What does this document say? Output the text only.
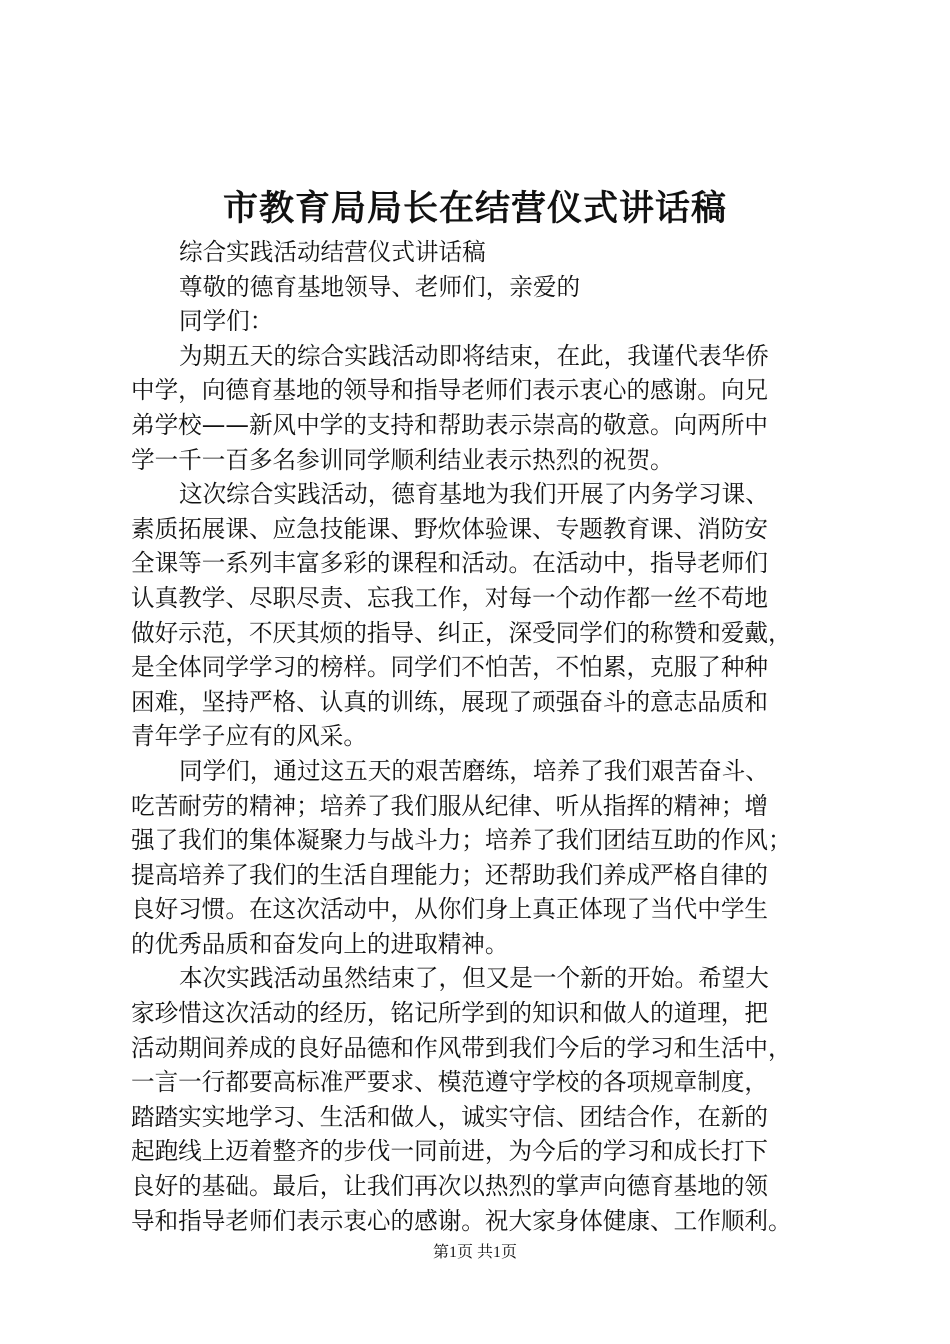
市教育局局长在结营仪式讲话稿
综合实践活动结营仪式讲话稿
尊敬的德育基地领导、老师们，亲爱的
同学们：
为期五天的综合实践活动即将结束，在此，我谨代表华侨
中学，向德育基地的领导和指导老师们表示衷心的感谢。向兄
弟学校——新风中学的支持和帮助表示崇高的敬意。向两所中
学一千一百多名参训同学顺利结业表示热烈的祝贺。
这次综合实践活动，德育基地为我们开展了内务学习课、
素质拓展课、应急技能课、野炊体验课、专题教育课、消防安
全课等一系列丰富多彩的课程和活动。在活动中，指导老师们
认真教学、尽职尽责、忘我工作，对每一个动作都一丝不苟地
做好示范，不厌其烦的指导、纠正，深受同学们的称赞和爱戴，
是全体同学学习的榜样。同学们不怕苦，不怕累，克服了种种
困难，坚持严格、认真的训练，展现了顽强奋斗的意志品质和
青年学子应有的风采。
同学们，通过这五天的艰苦磨练，培养了我们艰苦奋斗、
吃苦耐劳的精神；培养了我们服从纪律、听从指挥的精神；增
强了我们的集体凝聚力与战斗力；培养了我们团结互助的作风；
提高培养了我们的生活自理能力；还帮助我们养成严格自律的
良好习惯。在这次活动中，从你们身上真正体现了当代中学生
的优秀品质和奋发向上的进取精神。
本次实践活动虽然结束了，但又是一个新的开始。希望大
家珍惜这次活动的经历，铭记所学到的知识和做人的道理，把
活动期间养成的良好品德和作风带到我们今后的学习和生活中，
一言一行都要高标准严要求、模范遵守学校的各项规章制度，
踏踏实实地学习、生活和做人，诚实守信、团结合作，在新的
起跑线上迈着整齐的步伐一同前进，为今后的学习和成长打下
良好的基础。最后，让我们再次以热烈的掌声向德育基地的领
导和指导老师们表示衷心的感谢。祝大家身体健康、工作顺利。
第1页 共1页
